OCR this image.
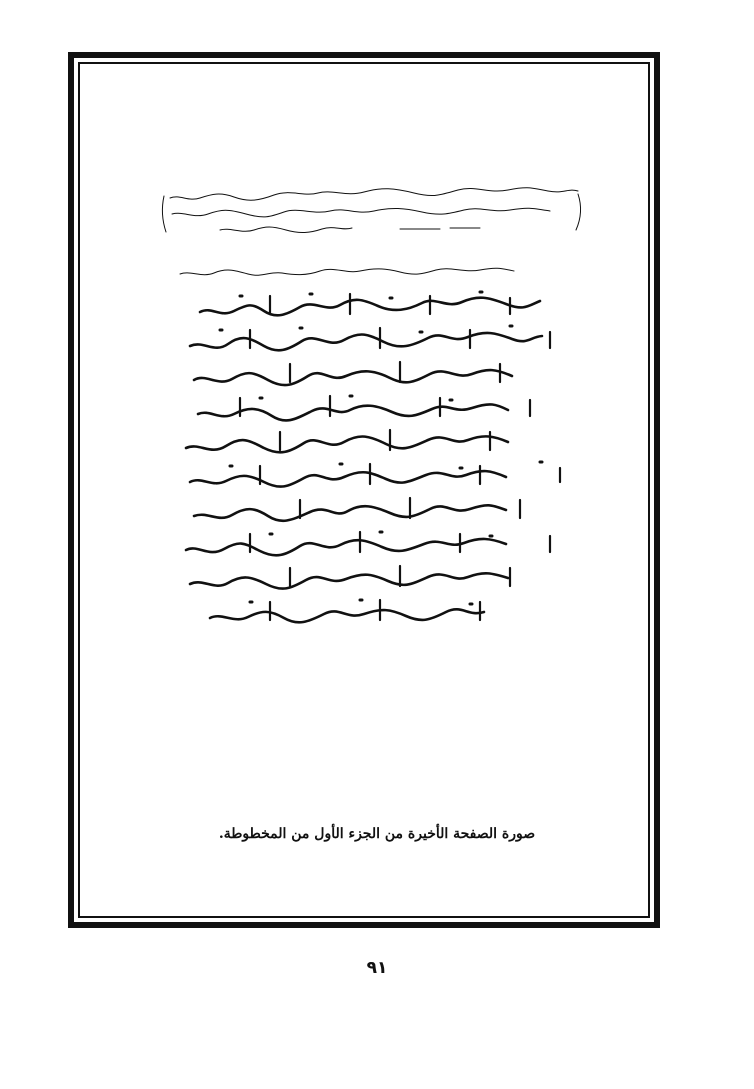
صورة الصفحة الأخيرة من الجزء الأول من المخطوطة.
٩١
